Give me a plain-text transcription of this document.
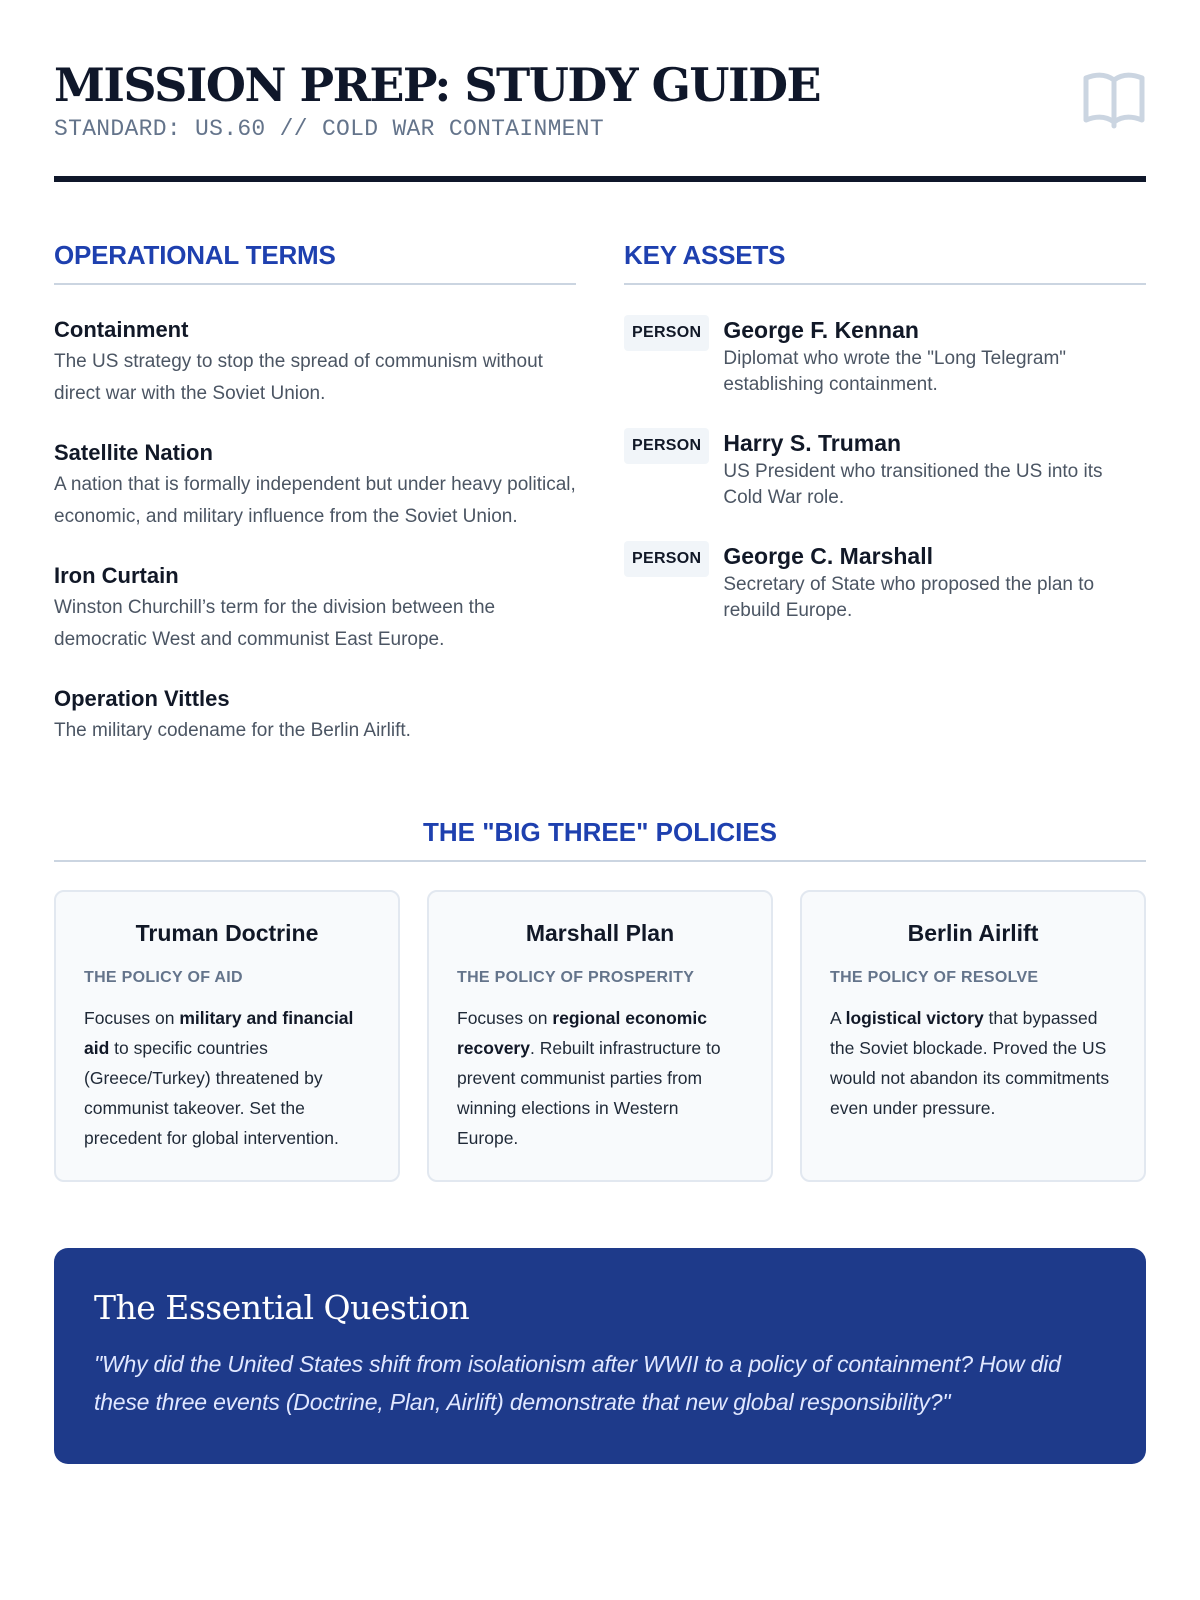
MISSION PREP: STUDY GUIDE
STANDARD: US.60 // COLD WAR CONTAINMENT
OPERATIONAL TERMS
Containment
The US strategy to stop the spread of communism without direct war with the Soviet Union.
Satellite Nation
A nation that is formally independent but under heavy political, economic, and military influence from the Soviet Union.
Iron Curtain
Winston Churchill’s term for the division between the democratic West and communist East Europe.
Operation Vittles
The military codename for the Berlin Airlift.
KEY ASSETS
PERSON George F. Kennan
Diplomat who wrote the "Long Telegram" establishing containment.
PERSON Harry S. Truman
US President who transitioned the US into its Cold War role.
PERSON George C. Marshall
Secretary of State who proposed the plan to rebuild Europe.
THE "BIG THREE" POLICIES
Truman Doctrine
THE POLICY OF AID
Focuses on military and financial aid to specific countries (Greece/Turkey) threatened by communist takeover. Set the precedent for global intervention.
Marshall Plan
THE POLICY OF PROSPERITY
Focuses on regional economic recovery. Rebuilt infrastructure to prevent communist parties from winning elections in Western Europe.
Berlin Airlift
THE POLICY OF RESOLVE
A logistical victory that bypassed the Soviet blockade. Proved the US would not abandon its commitments even under pressure.
The Essential Question
"Why did the United States shift from isolationism after WWII to a policy of containment? How did these three events (Doctrine, Plan, Airlift) demonstrate that new global responsibility?"
